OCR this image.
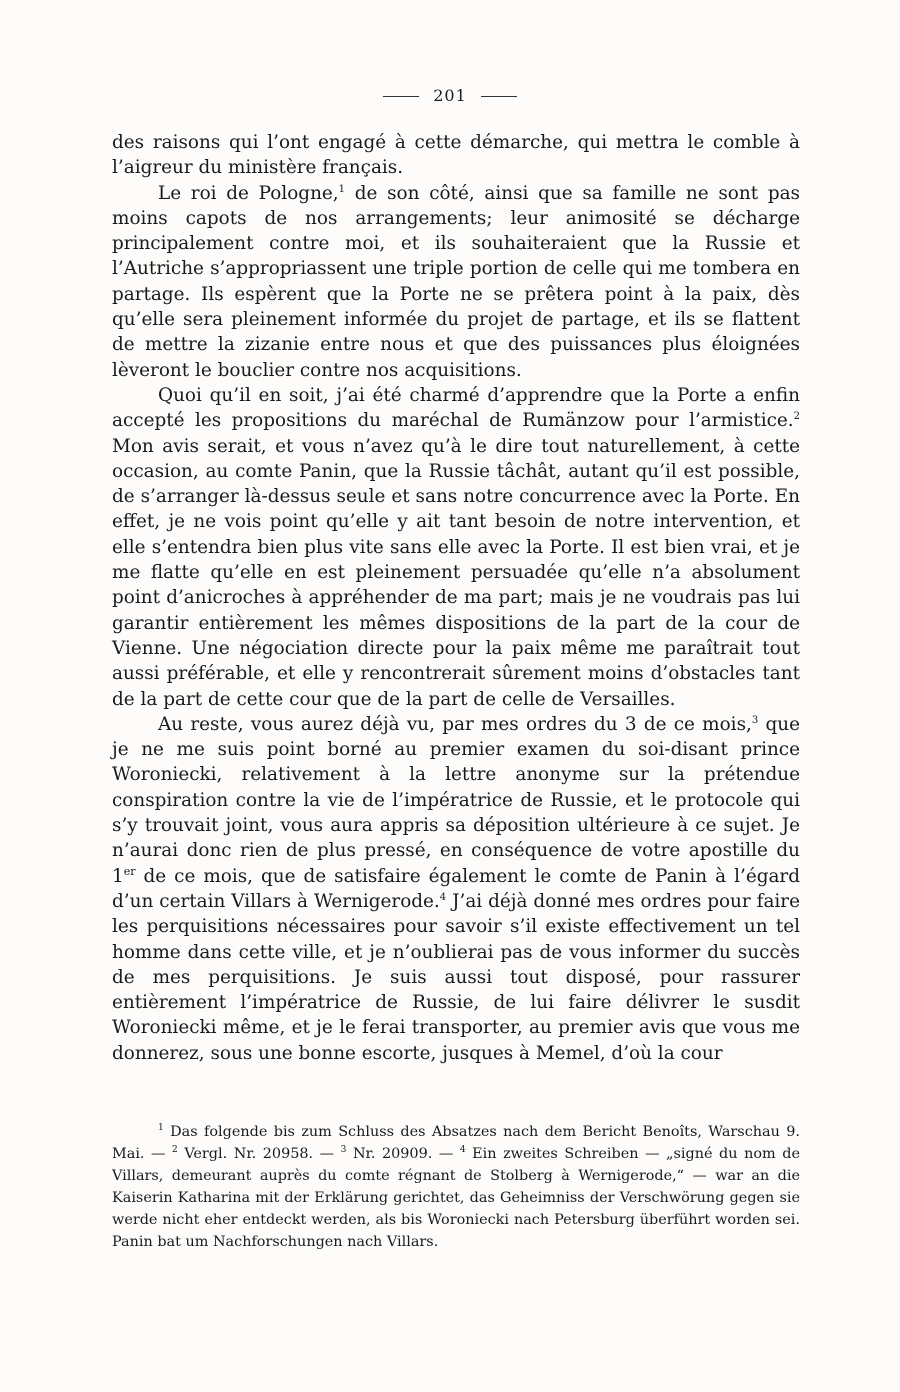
201

des raisons qui l’ont engagé à cette démarche, qui mettra le comble à l’aigreur du ministère français.

Le roi de Pologne,$^1$ de son côté, ainsi que sa famille ne sont pas moins capots de nos arrangements; leur animosité se décharge principalement contre moi, et ils souhaiteraient que la Russie et l’Autriche s’appropriassent une triple portion de celle qui me tombera en partage. Ils espèrent que la Porte ne se prêtera point à la paix, dès qu’elle sera pleinement informée du projet de partage, et ils se flattent de mettre la zizanie entre nous et que des puissances plus éloignées lèveront le bouclier contre nos acquisitions.

Quoi qu’il en soit, j’ai été charmé d’apprendre que la Porte a enfin accepté les propositions du maréchal de Rumänzow pour l’armistice.$^2$ Mon avis serait, et vous n’avez qu’à le dire tout naturellement, à cette occasion, au comte Panin, que la Russie tâchât, autant qu’il est possible, de s’arranger là-dessus seule et sans notre concurrence avec la Porte. En effet, je ne vois point qu’elle y ait tant besoin de notre intervention, et elle s’entendra bien plus vite sans elle avec la Porte. Il est bien vrai, et je me flatte qu’elle en est pleinement persuadée qu’elle n’a absolument point d’anicroches à appréhender de ma part; mais je ne voudrais pas lui garantir entièrement les mêmes dispositions de la part de la cour de Vienne. Une négociation directe pour la paix même me paraîtrait tout aussi préférable, et elle y rencontrerait sûrement moins d’obstacles tant de la part de cette cour que de la part de celle de Versailles.

Au reste, vous aurez déjà vu, par mes ordres du 3 de ce mois,$^3$ que je ne me suis point borné au premier examen du soi-disant prince Woroniecki, relativement à la lettre anonyme sur la prétendue conspiration contre la vie de l’impératrice de Russie, et le protocole qui s’y trouvait joint, vous aura appris sa déposition ultérieure à ce sujet. Je n’aurai donc rien de plus pressé, en conséquence de votre apostille du 1er de ce mois, que de satisfaire également le comte de Panin à l’égard d’un certain Villars à Wernigerode.$^4$ J’ai déjà donné mes ordres pour faire les perquisitions nécessaires pour savoir s’il existe effectivement un tel homme dans cette ville, et je n’oublierai pas de vous informer du succès de mes perquisitions. Je suis aussi tout disposé, pour rassurer entièrement l’impératrice de Russie, de lui faire délivrer le susdit Woroniecki même, et je le ferai transporter, au premier avis que vous me donnerez, sous une bonne escorte, jusques à Memel, d’où la cour

$^1$ Das folgende bis zum Schluss des Absatzes nach dem Bericht Benoîts, Warschau 9. Mai. — $^2$ Vergl. Nr. 20958. — $^3$ Nr. 20909. — $^4$ Ein zweites Schreiben — „signé du nom de Villars, demeurant auprès du comte régnant de Stolberg à Wernigerode,“ — war an die Kaiserin Katharina mit der Erklärung gerichtet, das Geheimniss der Verschwörung gegen sie werde nicht eher entdeckt werden, als bis Woroniecki nach Petersburg überführt worden sei. Panin bat um Nachforschungen nach Villars.
